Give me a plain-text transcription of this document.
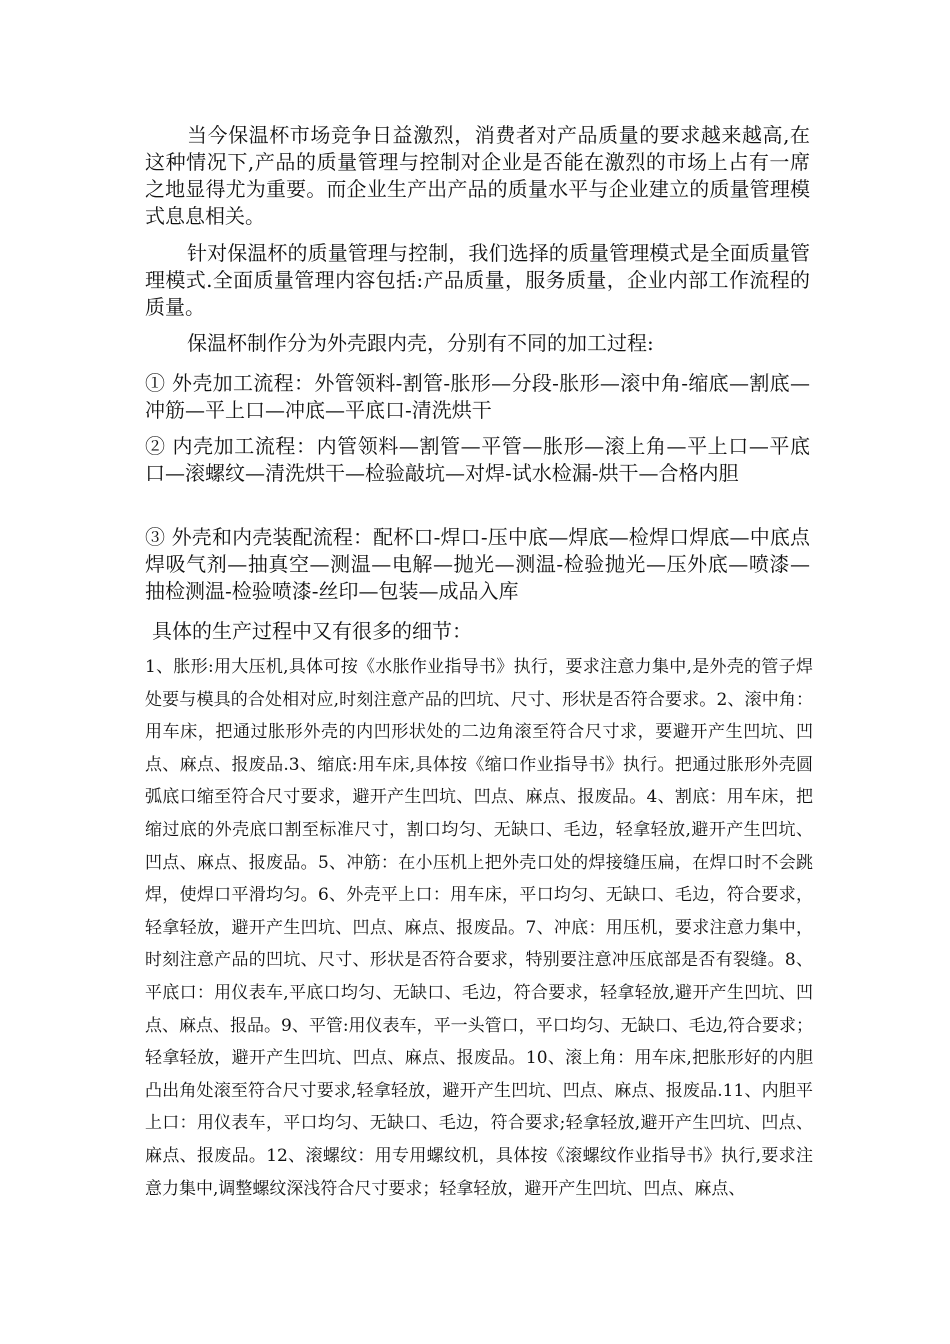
当今保温杯市场竞争日益激烈，消费者对产品质量的要求越来越高,在这种情况下,产品的质量管理与控制对企业是否能在激烈的市场上占有一席之地显得尤为重要。而企业生产出产品的质量水平与企业建立的质量管理模式息息相关。

针对保温杯的质量管理与控制，我们选择的质量管理模式是全面质量管理模式.全面质量管理内容包括:产品质量，服务质量，企业内部工作流程的质量。

保温杯制作分为外壳跟内壳，分别有不同的加工过程:

① 外壳加工流程：外管领料-割管-胀形—分段-胀形—滚中角-缩底—割底—冲筋—平上口—冲底—平底口-清洗烘干

② 内壳加工流程：内管领料—割管—平管—胀形—滚上角—平上口—平底口—滚螺纹—清洗烘干—检验敲坑—对焊-试水检漏-烘干—合格内胆

③ 外壳和内壳装配流程：配杯口-焊口-压中底—焊底—检焊口焊底—中底点焊吸气剂—抽真空—测温—电解—抛光—测温-检验抛光—压外底—喷漆—抽检测温-检验喷漆-丝印—包装—成品入库

具体的生产过程中又有很多的细节：

1、胀形:用大压机,具体可按《水胀作业指导书》执行，要求注意力集中,是外壳的管子焊处要与模具的合处相对应,时刻注意产品的凹坑、尺寸、形状是否符合要求。2、滚中角：用车床，把通过胀形外壳的内凹形状处的二边角滚至符合尺寸求，要避开产生凹坑、凹点、麻点、报废品.3、缩底:用车床,具体按《缩口作业指导书》执行。把通过胀形外壳圆弧底口缩至符合尺寸要求，避开产生凹坑、凹点、麻点、报废品。4、割底：用车床，把缩过底的外壳底口割至标准尺寸，割口均匀、无缺口、毛边，轻拿轻放,避开产生凹坑、凹点、麻点、报废品。5、冲筋：在小压机上把外壳口处的焊接缝压扁，在焊口时不会跳焊，使焊口平滑均匀。6、外壳平上口：用车床，平口均匀、无缺口、毛边，符合要求，轻拿轻放，避开产生凹坑、凹点、麻点、报废品。7、冲底：用压机，要求注意力集中，时刻注意产品的凹坑、尺寸、形状是否符合要求，特别要注意冲压底部是否有裂缝。8、平底口：用仪表车,平底口均匀、无缺口、毛边，符合要求，轻拿轻放,避开产生凹坑、凹点、麻点、报品。9、平管:用仪表车，平一头管口，平口均匀、无缺口、毛边,符合要求；轻拿轻放，避开产生凹坑、凹点、麻点、报废品。10、滚上角：用车床,把胀形好的内胆凸出角处滚至符合尺寸要求,轻拿轻放，避开产生凹坑、凹点、麻点、报废品.11、内胆平上口：用仪表车，平口均匀、无缺口、毛边，符合要求;轻拿轻放,避开产生凹坑、凹点、麻点、报废品。12、滚螺纹：用专用螺纹机，具体按《滚螺纹作业指导书》执行,要求注意力集中,调整螺纹深浅符合尺寸要求；轻拿轻放，避开产生凹坑、凹点、麻点、
